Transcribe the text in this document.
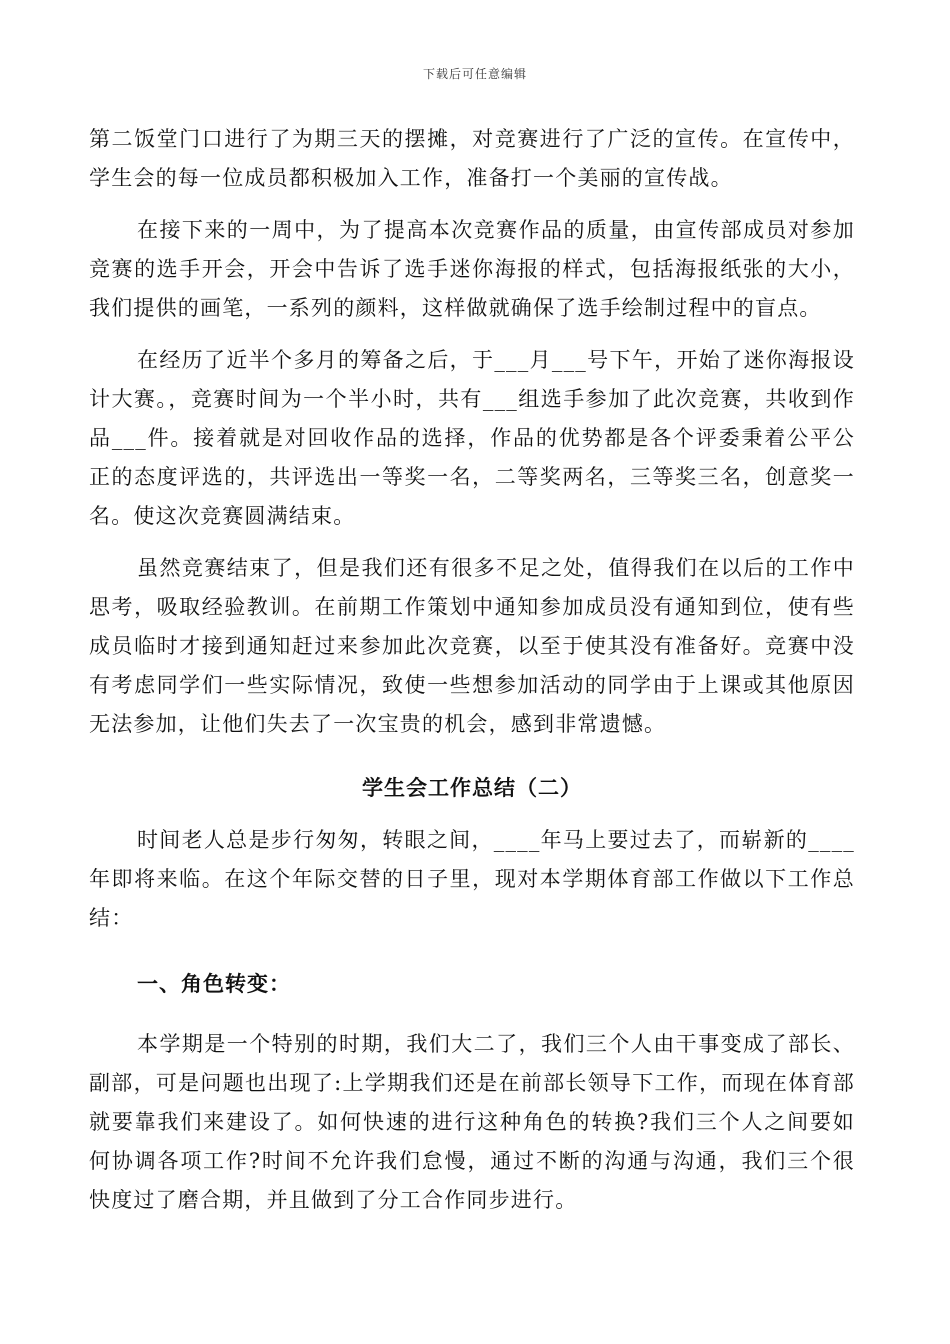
下载后可任意编辑

第二饭堂门口进行了为期三天的摆摊，对竞赛进行了广泛的宣传。在宣传中，学生会的每一位成员都积极加入工作，准备打一个美丽的宣传战。

在接下来的一周中，为了提高本次竞赛作品的质量，由宣传部成员对参加竞赛的选手开会，开会中告诉了选手迷你海报的样式，包括海报纸张的大小，我们提供的画笔，一系列的颜料，这样做就确保了选手绘制过程中的盲点。

在经历了近半个多月的筹备之后，于___月___号下午，开始了迷你海报设计大赛。，竞赛时间为一个半小时，共有___组选手参加了此次竞赛，共收到作品___件。接着就是对回收作品的选择，作品的优势都是各个评委秉着公平公正的态度评选的，共评选出一等奖一名，二等奖两名，三等奖三名，创意奖一名。使这次竞赛圆满结束。

虽然竞赛结束了，但是我们还有很多不足之处，值得我们在以后的工作中思考，吸取经验教训。在前期工作策划中通知参加成员没有通知到位，使有些成员临时才接到通知赶过来参加此次竞赛，以至于使其没有准备好。竞赛中没有考虑同学们一些实际情况，致使一些想参加活动的同学由于上课或其他原因无法参加，让他们失去了一次宝贵的机会，感到非常遗憾。

学生会工作总结（二）

时间老人总是步行匆匆，转眼之间，____年马上要过去了，而崭新的____年即将来临。在这个年际交替的日子里，现对本学期体育部工作做以下工作总结：

一、角色转变：

本学期是一个特别的时期，我们大二了，我们三个人由干事变成了部长、副部，可是问题也出现了:上学期我们还是在前部长领导下工作，而现在体育部就要靠我们来建设了。如何快速的进行这种角色的转换?我们三个人之间要如何协调各项工作?时间不允许我们怠慢，通过不断的沟通与沟通，我们三个很快度过了磨合期，并且做到了分工合作同步进行。
